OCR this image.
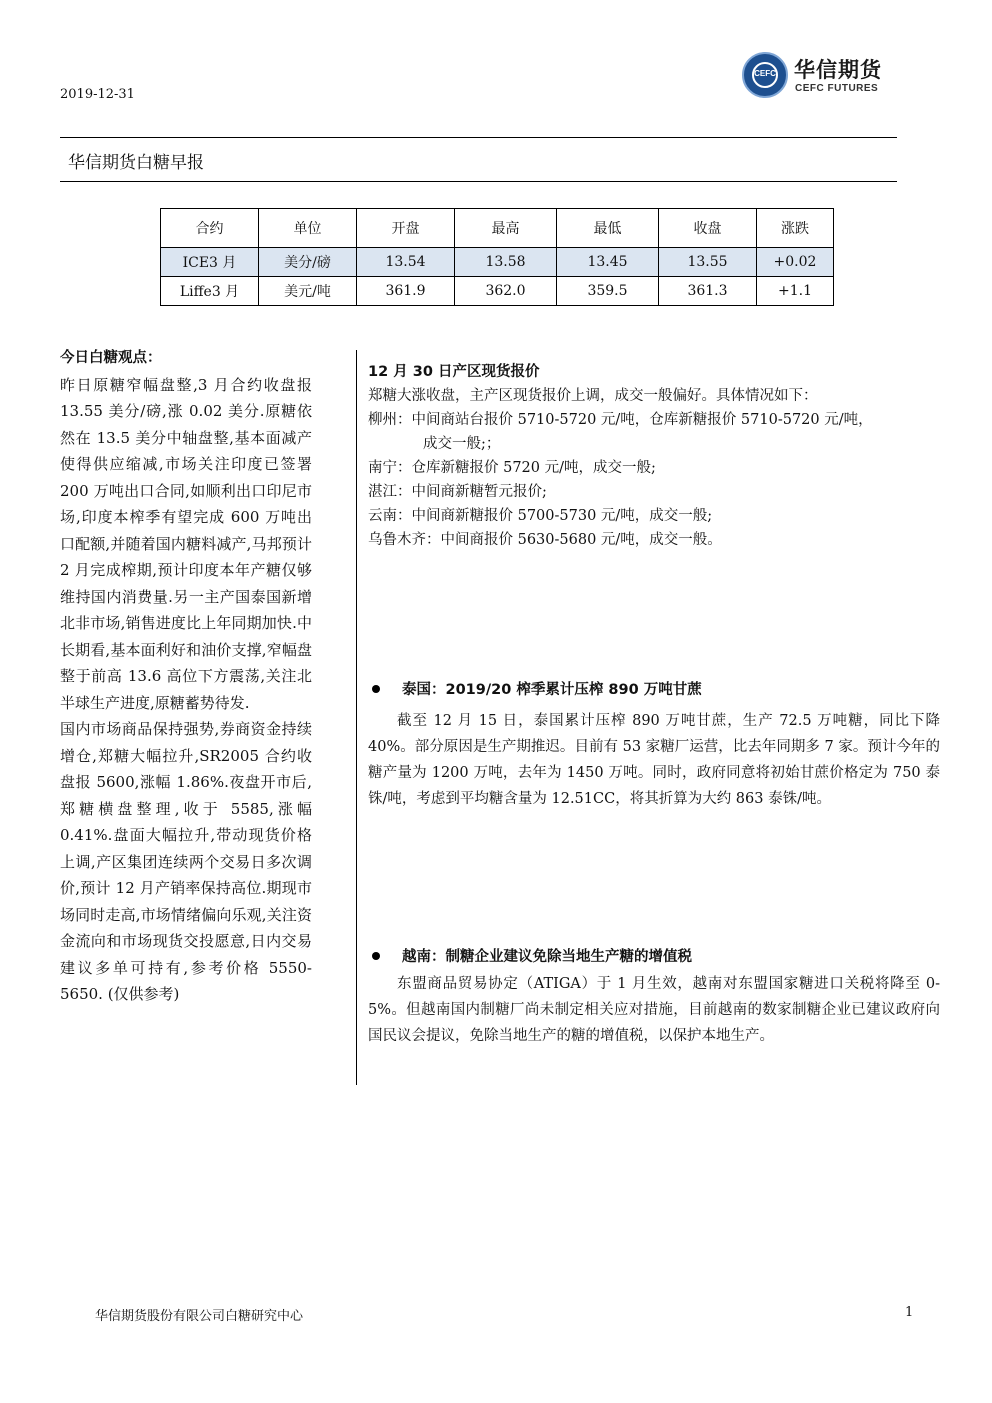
2019-12-31
CEFC 华信期货
CEFC FUTURES
华信期货白糖早报
合约	单位	开盘	最高	最低	收盘	涨跌
ICE3 月	美分/磅	13.54	13.58	13.45	13.55	+0.02
Liffe3 月	美元/吨	361.9	362.0	359.5	361.3	+1.1
今日白糖观点：

昨日原糖窄幅盘整,3 月合约收盘报 13.55 美分/磅,涨 0.02 美分.原糖依然在 13.5 美分中轴盘整,基本面减产使得供应缩减,市场关注印度已签署 200 万吨出口合同,如顺利出口印尼市场,印度本榨季有望完成 600 万吨出口配额,并随着国内糖料减产,马邦预计 2 月完成榨期,预计印度本年产糖仅够维持国内消费量.另一主产国泰国新增北非市场,销售进度比上年同期加快.中长期看,基本面利好和油价支撑,窄幅盘整于前高 13.6 高位下方震荡,关注北半球生产进度,原糖蓄势待发.

国内市场商品保持强势,券商资金持续增仓,郑糖大幅拉升,SR2005 合约收盘报 5600,涨幅 1.86%.夜盘开市后,郑糖横盘整理,收于 5585,涨幅 0.41%.盘面大幅拉升,带动现货价格上调,产区集团连续两个交易日多次调价,预计 12 月产销率保持高位.期现市场同时走高,市场情绪偏向乐观,关注资金流向和市场现货交投愿意,日内交易建议多单可持有,参考价格 5550-5650. (仅供参考)

12 月 30 日产区现货报价

郑糖大涨收盘，主产区现货报价上调，成交一般偏好。具体情况如下：

柳州：中间商站台报价 5710-5720 元/吨，仓库新糖报价 5710-5720 元/吨，

成交一般;；

南宁：仓库新糖报价 5720 元/吨，成交一般;

湛江：中间商新糖暂元报价;

云南：中间商新糖报价 5700-5730 元/吨，成交一般;

乌鲁木齐：中间商报价 5630-5680 元/吨，成交一般。

泰国：2019/20 榨季累计压榨 890 万吨甘蔗

截至 12 月 15 日，泰国累计压榨 890 万吨甘蔗，生产 72.5 万吨糖，同比下降 40%。部分原因是生产期推迟。目前有 53 家糖厂运营，比去年同期多 7 家。预计今年的糖产量为 1200 万吨，去年为 1450 万吨。同时，政府同意将初始甘蔗价格定为 750 泰铢/吨，考虑到平均糖含量为 12.51CC，将其折算为大约 863 泰铢/吨。

越南：制糖企业建议免除当地生产糖的增值税

东盟商品贸易协定（ATIGA）于 1 月生效，越南对东盟国家糖进口关税将降至 0-5%。但越南国内制糖厂尚未制定相关应对措施，目前越南的数家制糖企业已建议政府向国民议会提议，免除当地生产的糖的增值税，以保护本地生产。

华信期货股份有限公司白糖研究中心	1
